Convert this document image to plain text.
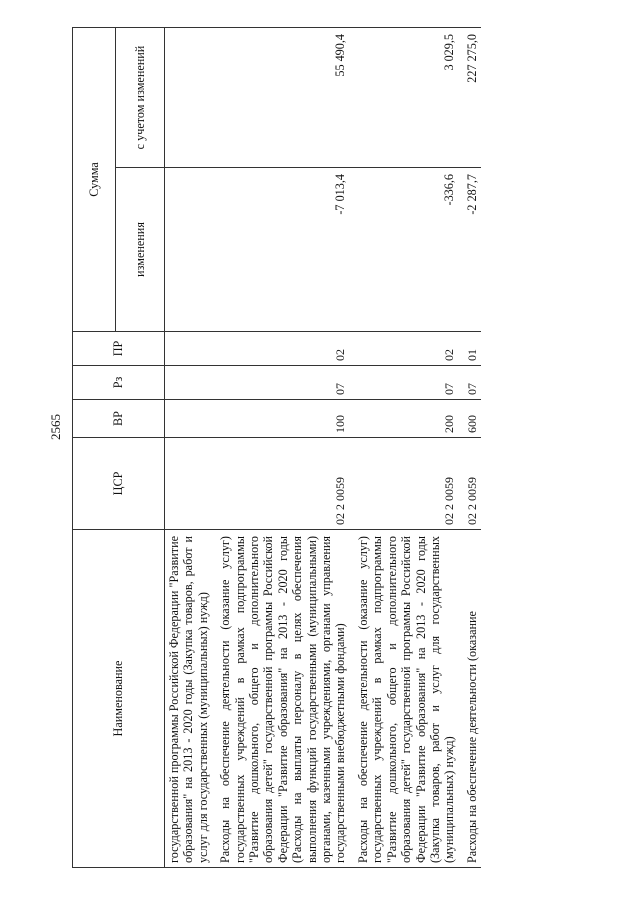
2565
Наименование	ЦСР	ВР	Рз	ПР	Сумма	
					изменения	с учетом изменений
государственной программы Российской Федерации "Развитие образования" на 2013 - 2020 годы (Закупка товаров, работ и услуг для государственных (муниципальных) нужд)						
Расходы на обеспечение деятельности (оказание услуг) государственных учреждений в рамках подпрограммы "Развитие дошкольного, общего и дополнительного образования детей" государственной программы Российской Федерации "Развитие образования" на 2013 - 2020 годы (Расходы на выплаты персоналу в целях обеспечения выполнения функций государственными (муниципальными) органами, казенными учреждениями, органами управления государственными внебюджетными фондами)	02 2 0059	100	07	02	-7 013,4	55 490,4
Расходы на обеспечение деятельности (оказание услуг) государственных учреждений в рамках подпрограммы "Развитие дошкольного, общего и дополнительного образования детей" государственной программы Российской Федерации "Развитие образования" на 2013 - 2020 годы (Закупка товаров, работ и услуг для государственных (муниципальных) нужд)	02 2 0059	200	07	02	-336,6	3 029,5
Расходы на обеспечение деятельности (оказание	02 2 0059	600	07	01	-2 287,7	227 275,0
